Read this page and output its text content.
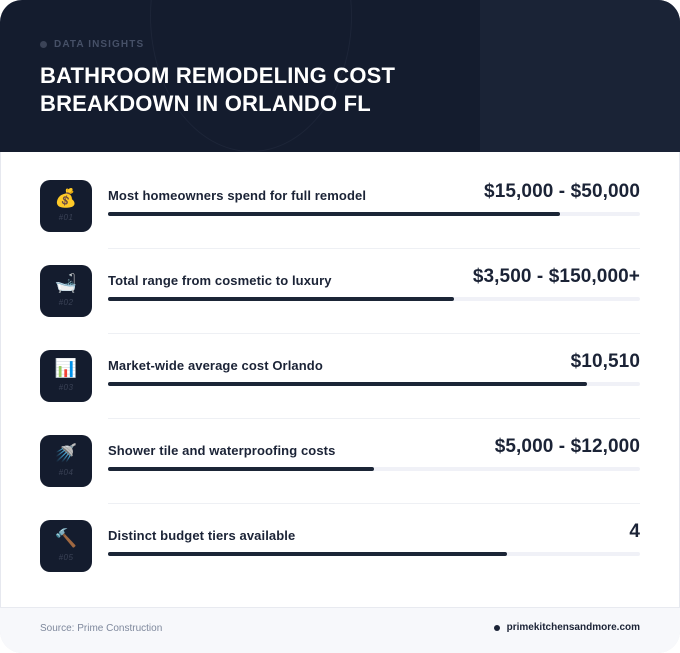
DATA INSIGHTS
BATHROOM REMODELING COST BREAKDOWN IN ORLANDO FL
💰
#01
Most homeowners spend for full remodel	$15,000 - $50,000
🛁
#02
Total range from cosmetic to luxury	$3,500 - $150,000+
📊
#03
Market-wide average cost Orlando	$10,510
🚿
#04
Shower tile and waterproofing costs	$5,000 - $12,000
🔨
#05
Distinct budget tiers available	4
Source: Prime Construction	primekitchensandmore.com
